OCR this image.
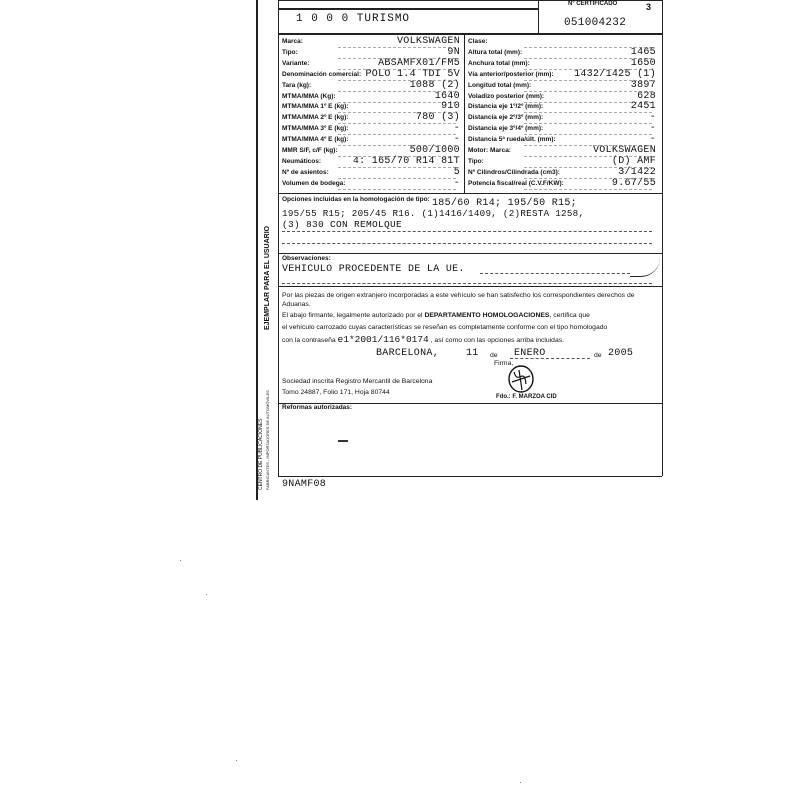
1 0 0 0 TURISMO
Nº CERTIFICADO
051004232
3
Marca:	VOLKSWAGEN
Tipo:	9N
Variante:	ABSAMFX01/FM5
Denominación comercial: POLO 1.4 TDI 5V
Tara (kg):	1088 (2)
MTMA/MMA (Kg):	1640
MTMA/MMA 1º E (kg):	910
MTMA/MMA 2º E (kg):	780 (3)
MTMA/MMA 3º E (kg):	-
MTMA/MMA 4º E (kg):	-
MMR S/F, c/F (kg):	500/1000
Neumáticos:	4: 165/70 R14 81T
Nº de asientos:	5
Volumen de bodega:	-
Clase:
Altura total (mm):	1465
Anchura total (mm):	1650
Vía anterior/posterior (mm): 1432/1425 (1)
Longitud total (mm):	3897
Voladizo posterior (mm):	628
Distancia eje 1º/2º (mm):	2451
Distancia eje 2º/3º (mm):	-
Distancia eje 3º/4º (mm):	-
Distancia 5ª rueda/últ. (mm):	-
Motor: Marca:	VOLKSWAGEN
Tipo:	(D) AMF
Nº Cilindros/Cilindrada (cm3):	3/1422
Potencia fiscal/real (C.V.F/KW):	9.67/55
Opciones incluidas en la homologación de tipo: 185/60 R14; 195/50 R15;
195/55 R15; 205/45 R16. (1)1416/1409, (2)RESTA 1258,
(3) 830 CON REMOLQUE
Observaciones:
VEHICULO PROCEDENTE DE LA UE.
Por las piezas de origen extranjero incorporadas a este vehículo se han satisfecho los correspondientes derechos de Aduanas.
El abajo firmante, legalmente autorizado por el DEPARTAMENTO HOMOLOGACIONES, certifica que
el vehículo carrozado cuyas características se reseñan es completamente conforme con el tipo homologado
con la contraseña e1*2001/116*0174 , así como con las opciones arriba incluidas.
BARCELONA,	11 de ENERO	de 2005
Firma,
Sociedad inscrita Registro Mercantil de Barcelona
Tomo 24887, Folio 171, Hoja 80744
Fdo.: F. MARZOA CID
Reformas autorizadas:
9NAMF08
EJEMPLAR PARA EL USUARIO
CENTRO DE PUBLICACIONES FABRICANTES - IMPORTADORES DE AUTOMÓVILES
